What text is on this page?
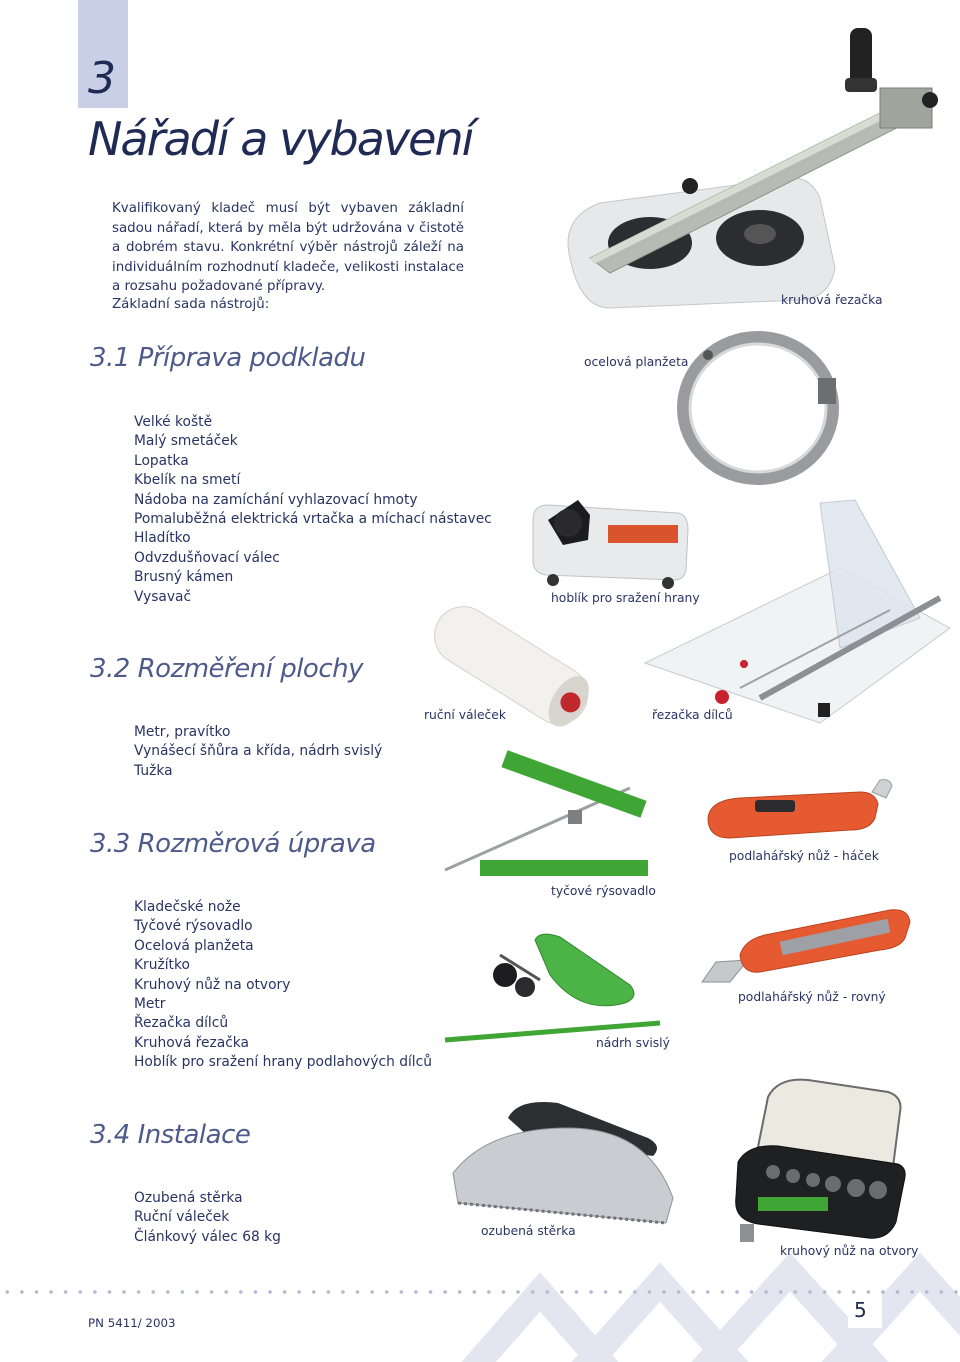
3
Nářadí a vybavení
Kvalifikovaný kladeč musí být vybaven základní sadou nářadí, která by měla být udržována v čistotě a dobrém stavu. Konkrétní výběr nástrojů záleží na individuálním rozhodnutí kladeče, velikosti instalace a rozsahu požadované přípravy.
Základní sada nástrojů:
3.1 Příprava podkladu
Velké koště
Malý smetáček
Lopatka
Kbelík na smetí
Nádoba na zamíchání vyhlazovací hmoty
Pomaluběžná elektrická vrtačka a míchací nástavec
Hladítko
Odvzdušňovací válec
Brusný kámen
Vysavač
3.2 Rozměření plochy
Metr, pravítko
Vynášecí šňůra a křída, nádrh svislý
Tužka
3.3 Rozměrová úprava
Kladečské nože
Tyčové rýsovadlo
Ocelová planžeta
Kružítko
Kruhový nůž na otvory
Metr
Řezačka dílců
Kruhová řezačka
Hoblík pro sražení hrany podlahových dílců
3.4 Instalace
Ozubená stěrka
Ruční váleček
Článkový válec 68 kg
kruhová řezačka
ocelová planžeta
hoblík pro sražení hrany
řezačka dílců
ruční váleček
podlahářský nůž - háček
tyčové rýsovadlo
podlahářský nůž - rovný
nádrh svislý
ozubená stěrka
kruhový nůž na otvory
PN 5411/ 2003
5
